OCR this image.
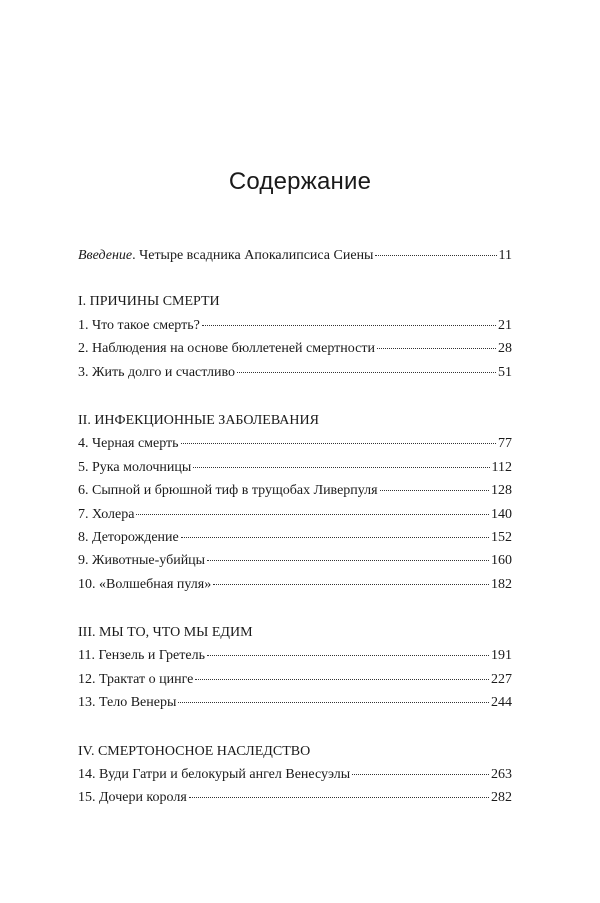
Содержание
Введение. Четыре всадника Апокалипсиса Сиены	11
I. ПРИЧИНЫ СМЕРТИ
1. Что такое смерть?	21
2. Наблюдения на основе бюллетеней смертности	28
3. Жить долго и счастливо	51
II. ИНФЕКЦИОННЫЕ ЗАБОЛЕВАНИЯ
4. Черная смерть	77
5. Рука молочницы	112
6. Сыпной и брюшной тиф в трущобах Ливерпуля	128
7. Холера	140
8. Деторождение	152
9. Животные-убийцы	160
10. «Волшебная пуля»	182
III. МЫ ТО, ЧТО МЫ ЕДИМ
11. Гензель и Гретель	191
12. Трактат о цинге	227
13. Тело Венеры	244
IV. СМЕРТОНОСНОЕ НАСЛЕДСТВО
14. Вуди Гатри и белокурый ангел Венесуэлы	263
15. Дочери короля	282
